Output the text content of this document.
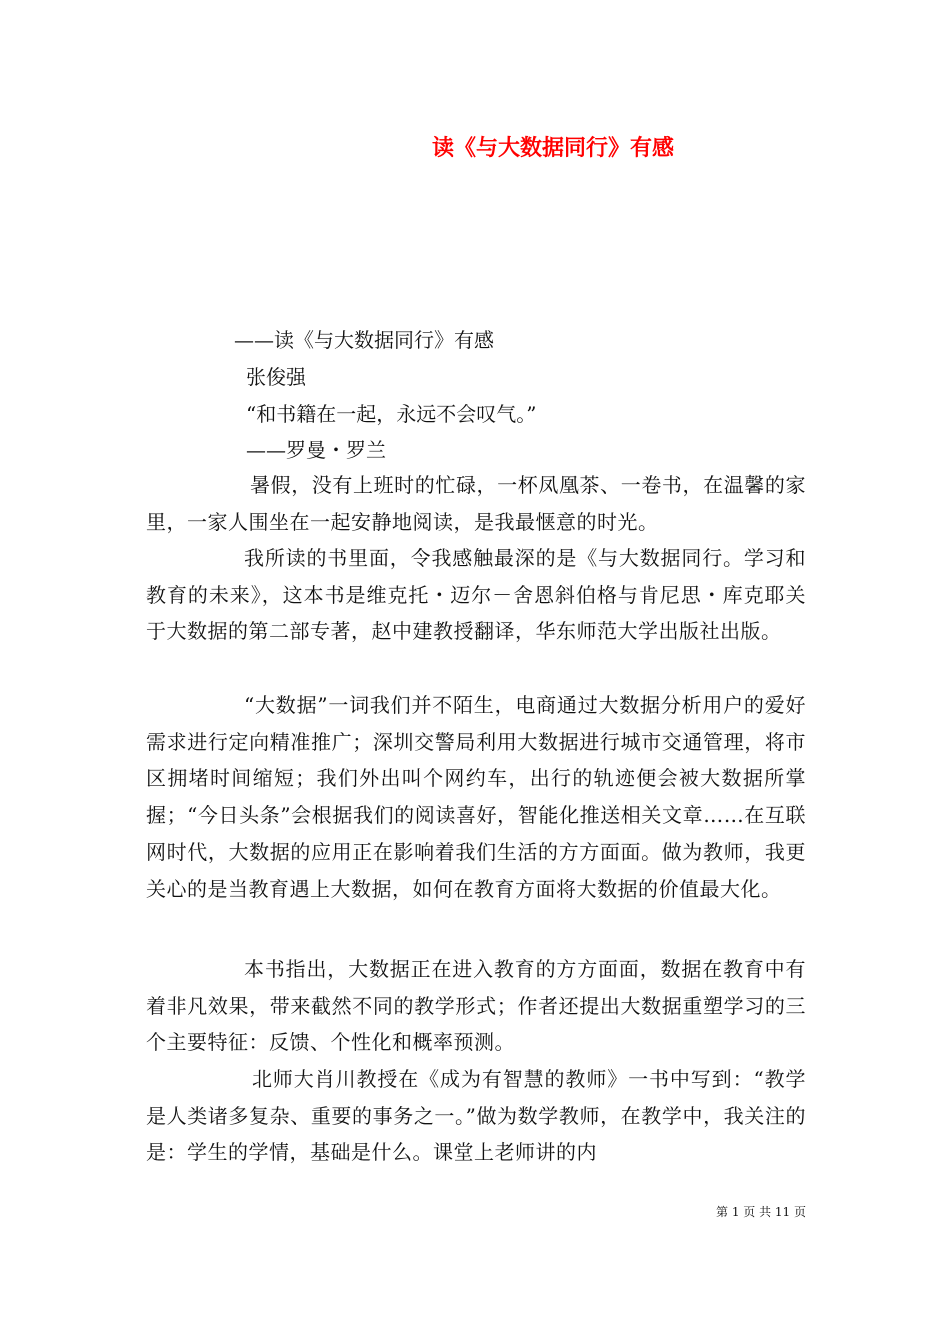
读《与大数据同行》有感
——读《与大数据同行》有感
张俊强
“和书籍在一起，永远不会叹气。”
——罗曼・罗兰
暑假，没有上班时的忙碌，一杯凤凰茶、一卷书，在温馨的家里，一家人围坐在一起安静地阅读，是我最惬意的时光。
我所读的书里面，令我感触最深的是《与大数据同行。学习和教育的未来》，这本书是维克托・迈尔－舍恩斜伯格与肯尼思・库克耶关于大数据的第二部专著，赵中建教授翻译，华东师范大学出版社出版。
“大数据”一词我们并不陌生，电商通过大数据分析用户的爱好需求进行定向精准推广；深圳交警局利用大数据进行城市交通管理，将市区拥堵时间缩短；我们外出叫个网约车，出行的轨迹便会被大数据所掌握；“今日头条”会根据我们的阅读喜好，智能化推送相关文章……在互联网时代，大数据的应用正在影响着我们生活的方方面面。做为教师，我更关心的是当教育遇上大数据，如何在教育方面将大数据的价值最大化。
本书指出，大数据正在进入教育的方方面面，数据在教育中有着非凡效果，带来截然不同的教学形式；作者还提出大数据重塑学习的三个主要特征：反馈、个性化和概率预测。
北师大肖川教授在《成为有智慧的教师》一书中写到：“教学是人类诸多复杂、重要的事务之一。”做为数学教师，在教学中，我关注的是：学生的学情，基础是什么。课堂上老师讲的内
第 1 页 共 11 页
